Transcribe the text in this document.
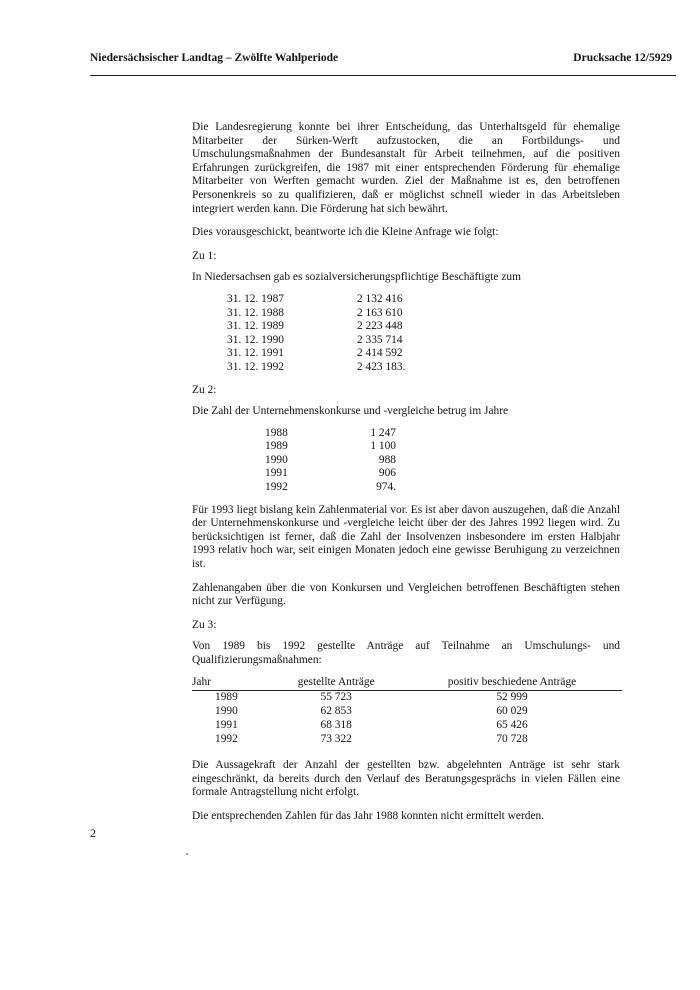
Niedersächsischer Landtag – Zwölfte Wahlperiode	Drucksache 12/5929

Die Landesregierung konnte bei ihrer Entscheidung, das Unterhaltsgeld für ehemalige Mitarbeiter der Sürken-Werft aufzustocken, die an Fortbildungs- und Umschulungsmaßnahmen der Bundesanstalt für Arbeit teilnehmen, auf die positiven Erfahrungen zurückgreifen, die 1987 mit einer entsprechenden Förderung für ehemalige Mitarbeiter von Werften gemacht wurden. Ziel der Maßnahme ist es, den betroffenen Personenkreis so zu qualifizieren, daß er möglichst schnell wieder in das Arbeitsleben integriert werden kann. Die Förderung hat sich bewährt.

Dies vorausgeschickt, beantworte ich die Kleine Anfrage wie folgt:

Zu 1:
In Niedersachsen gab es sozialversicherungspflichtige Beschäftigte zum
31. 12. 1987	2 132 416
31. 12. 1988	2 163 610
31. 12. 1989	2 223 448
31. 12. 1990	2 335 714
31. 12. 1991	2 414 592
31. 12. 1992	2 423 183.
Zu 2:
Die Zahl der Unternehmenskonkurse und -vergleiche betrug im Jahre
1988	1 247
1989	1 100
1990	988
1991	906
1992	974.

Für 1993 liegt bislang kein Zahlenmaterial vor. Es ist aber davon auszugehen, daß die Anzahl der Unternehmenskonkurse und -vergleiche leicht über der des Jahres 1992 liegen wird. Zu berücksichtigen ist ferner, daß die Zahl der Insolvenzen insbesondere im ersten Halbjahr 1993 relativ hoch war, seit einigen Monaten jedoch eine gewisse Beruhigung zu verzeichnen ist.

Zahlenangaben über die von Konkursen und Vergleichen betroffenen Beschäftigten stehen nicht zur Verfügung.

Zu 3:

Von 1989 bis 1992 gestellte Anträge auf Teilnahme an Umschulungs- und Qualifizierungsmaßnahmen:

Jahr	gestellte Anträge	positiv beschiedene Anträge
1989	55 723	52 999
1990	62 853	60 029
1991	68 318	65 426
1992	73 322	70 728

Die Aussagekraft der Anzahl der gestellten bzw. abgelehnten Anträge ist sehr stark eingeschränkt, da bereits durch den Verlauf des Beratungsgesprächs in vielen Fällen eine formale Antragstellung nicht erfolgt.

Die entsprechenden Zahlen für das Jahr 1988 konnten nicht ermittelt werden.

2
